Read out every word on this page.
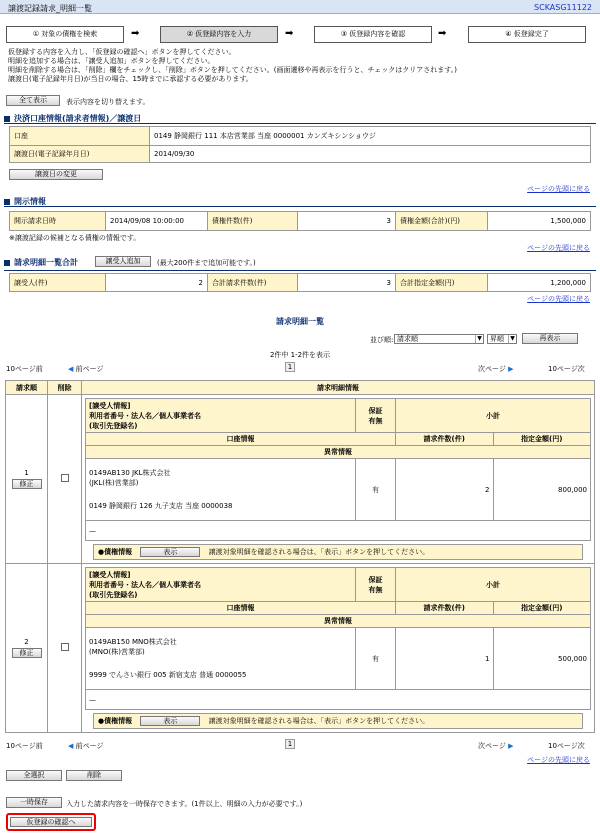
譲渡記録請求_明細一覧	SCKASG11122
① 対象の債権を検索	➡	② 仮登録内容を入力	➡	③ 仮登録内容を確認	➡	④ 仮登録完了
仮登録する内容を入力し、「仮登録の確認へ」ボタンを押してください。
明細を追加する場合は、「譲受人追加」ボタンを押してください。
明細を削除する場合は、「削除」欄をチェックし、「削除」ボタンを押してください。(画面遷移や再表示を行うと、チェックはクリアされます。)
譲渡日(電子記録年月日)が当日の場合、15時までに承認する必要があります。
全て表示	表示内容を切り替えます。
決済口座情報(請求者情報)／譲渡日
口座	0149 静岡銀行 111 本店営業部 当座 0000001 カンズキシンショウジ
譲渡日(電子記録年月日)	2014/09/30
譲渡日の変更
ページの先頭に戻る
開示情報
開示請求日時	2014/09/08 10:00:00	債権件数(件)	3	債権金額(合計)(円)	1,500,000
※譲渡記録の候補となる債権の情報です。
ページの先頭に戻る
請求明細一覧合計	譲受人追加	(最大200件まで追加可能です。)
譲受人(件)	2	合計請求件数(件)	3	合計指定金額(円)	1,200,000
ページの先頭に戻る
請求明細一覧
並び順: 請求順	▼	昇順	▼	再表示
2件中 1-2件を表示
10ページ前	◀ 前ページ	1	次ページ ▶	10ページ次
請求順	削除	請求明細情報

1
修正

[譲受人情報]
利用者番号・法人名／個人事業者名
(取引先登録名)	保証
有無	小計
口座情報	請求件数(件)	指定金額(円)
異常情報

0149AB130 JKL株式会社
(JKL(株)営業部)

0149 静岡銀行 126 九子支店 当座 0000038

	有	2	800,000
—
●債権情報	表示	譲渡対象明細を確認される場合は、「表示」ボタンを押してください。

2
修正

[譲受人情報]
利用者番号・法人名／個人事業者名
(取引先登録名)	保証
有無	小計
口座情報	請求件数(件)	指定金額(円)
異常情報

0149AB150 MNO株式会社
(MNO(株)営業部)

9999 でんさい銀行 005 新宿支店 普通 0000055

	有	1	500,000
—
●債権情報	表示	譲渡対象明細を確認される場合は、「表示」ボタンを押してください。
10ページ前	◀ 前ページ	1	次ページ ▶	10ページ次
ページの先頭に戻る
全選択	削除
一時保存	入力した請求内容を一時保存できます。(1件以上、明細の入力が必要です。)
仮登録の確認へ
